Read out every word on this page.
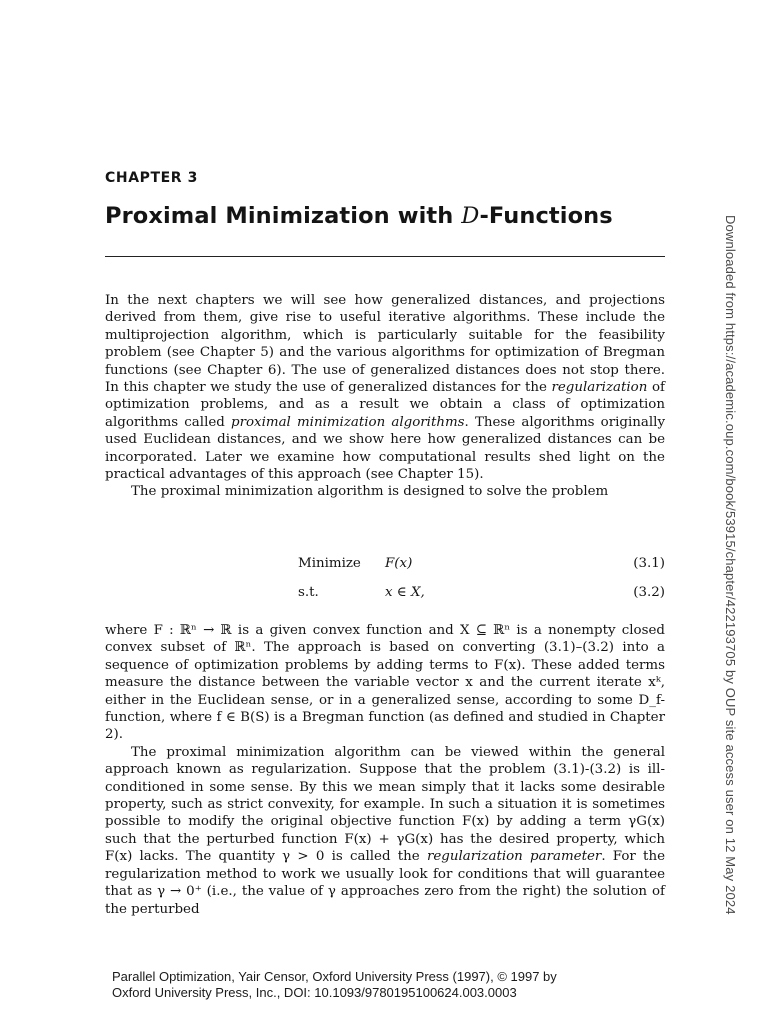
CHAPTER 3
Proximal Minimization with D-Functions

In the next chapters we will see how generalized distances, and projections derived from them, give rise to useful iterative algorithms. These include the multiprojection algorithm, which is particularly suitable for the feasibility problem (see Chapter 5) and the various algorithms for optimization of Bregman functions (see Chapter 6). The use of generalized distances does not stop there. In this chapter we study the use of generalized distances for the regularization of optimization problems, and as a result we obtain a class of optimization algorithms called proximal minimization algorithms. These algorithms originally used Euclidean distances, and we show here how generalized distances can be incorporated. Later we examine how computational results shed light on the practical advantages of this approach (see Chapter 15).

The proximal minimization algorithm is designed to solve the problem

Minimize F(x)	(3.1)
s.t.	x ∈ X,	(3.2)

where F : ℝⁿ → ℝ is a given convex function and X ⊆ ℝⁿ is a nonempty closed convex subset of ℝⁿ. The approach is based on converting (3.1)–(3.2) into a sequence of optimization problems by adding terms to F(x). These added terms measure the distance between the variable vector x and the current iterate xᵏ, either in the Euclidean sense, or in a generalized sense, according to some D_f-function, where f ∈ B(S) is a Bregman function (as defined and studied in Chapter 2).

The proximal minimization algorithm can be viewed within the general approach known as regularization. Suppose that the problem (3.1)-(3.2) is ill-conditioned in some sense. By this we mean simply that it lacks some desirable property, such as strict convexity, for example. In such a situation it is sometimes possible to modify the original objective function F(x) by adding a term γG(x) such that the perturbed function F(x) + γG(x) has the desired property, which F(x) lacks. The quantity γ > 0 is called the regularization parameter. For the regularization method to work we usually look for conditions that will guarantee that as γ → 0⁺ (i.e., the value of γ approaches zero from the right) the solution of the perturbed	Downloaded from https://academic.oup.com/book/53915/chapter/422193705 by OUP site access user on 12 May 2024
Parallel Optimization, Yair Censor, Oxford University Press (1997), © 1997 by
Oxford University Press, Inc., DOI: 10.1093/9780195100624.003.0003
